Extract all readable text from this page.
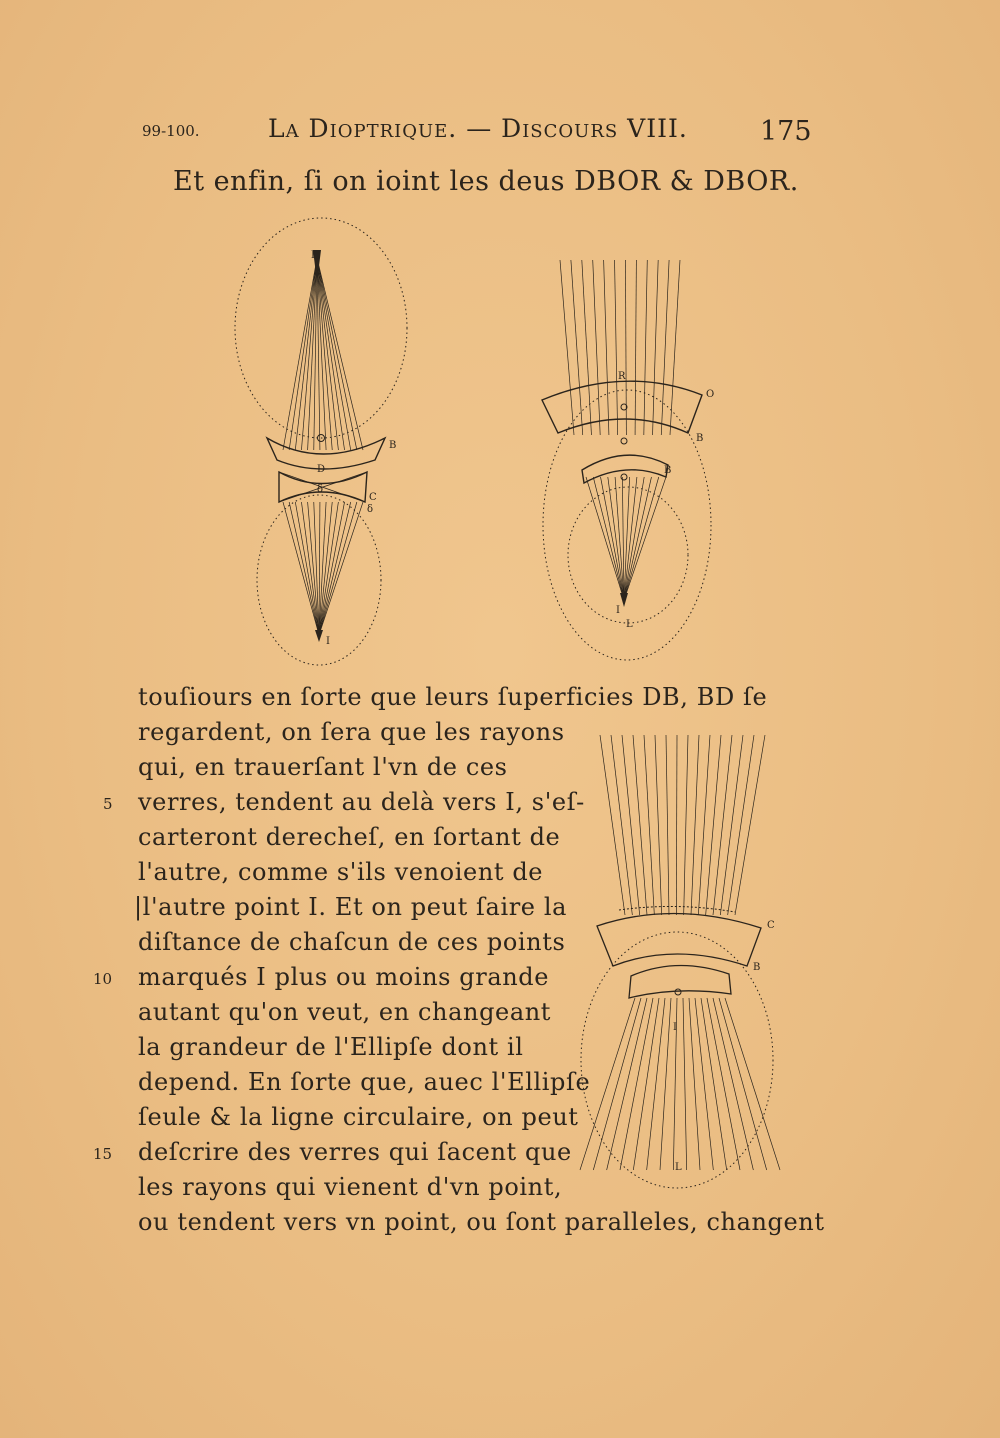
99-100.	La Dioptrique. — Discours VIII.	175
Et enfin, ſi on ioint les deus DBOR & DBOR.
I
B
D
δ
C
δ
I
R
O
B
B
I
L
C
B
I
L
touſiours en ſorte que leurs ſuperficies DB, BD ſe
regardent, on ſera que les rayons
qui, en trauerſant l'vn de ces
verres, tendent au delà vers I, s'eſ-
carteront derecheſ, en ſortant de
l'autre, comme s'ils venoient de
|l'autre point I. Et on peut ſaire la
diſtance de chaſcun de ces points
marqués I plus ou moins grande
autant qu'on veut, en changeant
la grandeur de l'Ellipſe dont il
depend. En ſorte que, auec l'Ellipſe
ſeule & la ligne circulaire, on peut
deſcrire des verres qui ſacent que
les rayons qui vienent d'vn point,
ou tendent vers vn point, ou ſont paralleles, changent
5
10
15
